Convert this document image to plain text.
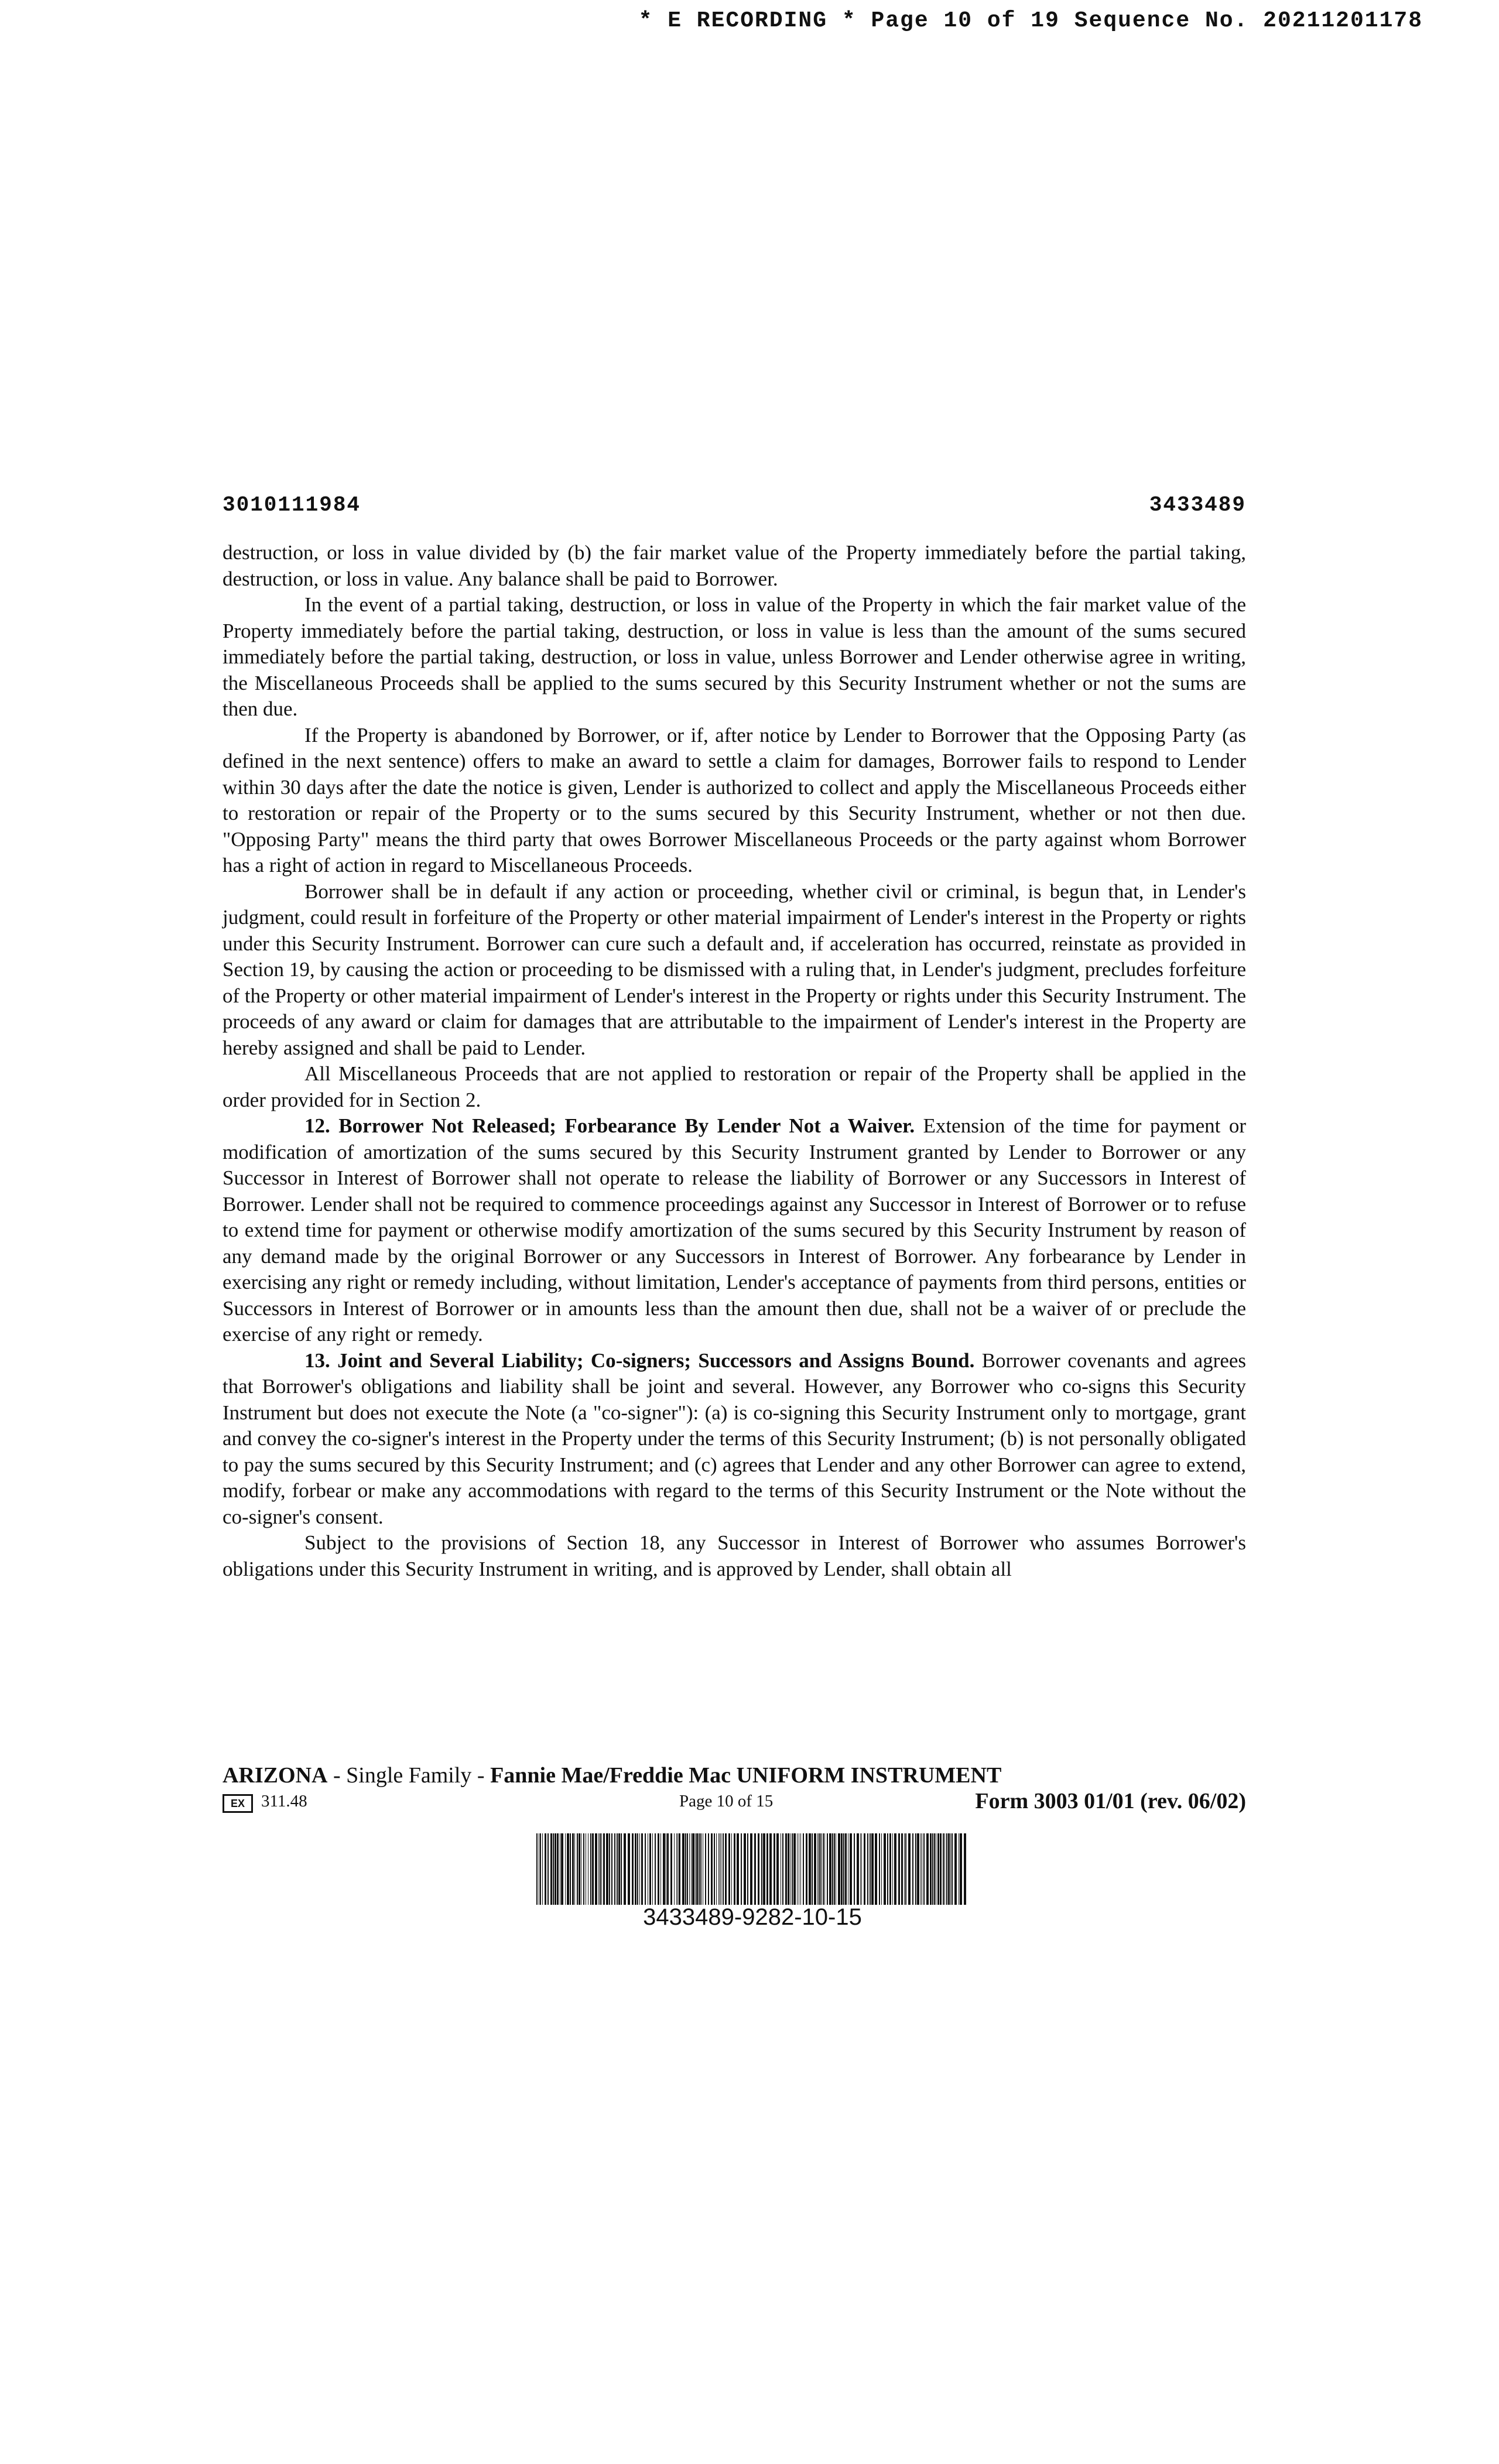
* E RECORDING * Page 10 of 19 Sequence No. 20211201178
3010111984	3433489

destruction, or loss in value divided by (b) the fair market value of the Property immediately before the partial taking, destruction, or loss in value. Any balance shall be paid to Borrower.

In the event of a partial taking, destruction, or loss in value of the Property in which the fair market value of the Property immediately before the partial taking, destruction, or loss in value is less than the amount of the sums secured immediately before the partial taking, destruction, or loss in value, unless Borrower and Lender otherwise agree in writing, the Miscellaneous Proceeds shall be applied to the sums secured by this Security Instrument whether or not the sums are then due.

If the Property is abandoned by Borrower, or if, after notice by Lender to Borrower that the Opposing Party (as defined in the next sentence) offers to make an award to settle a claim for damages, Borrower fails to respond to Lender within 30 days after the date the notice is given, Lender is authorized to collect and apply the Miscellaneous Proceeds either to restoration or repair of the Property or to the sums secured by this Security Instrument, whether or not then due. "Opposing Party" means the third party that owes Borrower Miscellaneous Proceeds or the party against whom Borrower has a right of action in regard to Miscellaneous Proceeds.

Borrower shall be in default if any action or proceeding, whether civil or criminal, is begun that, in Lender's judgment, could result in forfeiture of the Property or other material impairment of Lender's interest in the Property or rights under this Security Instrument. Borrower can cure such a default and, if acceleration has occurred, reinstate as provided in Section 19, by causing the action or proceeding to be dismissed with a ruling that, in Lender's judgment, precludes forfeiture of the Property or other material impairment of Lender's interest in the Property or rights under this Security Instrument. The proceeds of any award or claim for damages that are attributable to the impairment of Lender's interest in the Property are hereby assigned and shall be paid to Lender.

All Miscellaneous Proceeds that are not applied to restoration or repair of the Property shall be applied in the order provided for in Section 2.

12. Borrower Not Released; Forbearance By Lender Not a Waiver. Extension of the time for payment or modification of amortization of the sums secured by this Security Instrument granted by Lender to Borrower or any Successor in Interest of Borrower shall not operate to release the liability of Borrower or any Successors in Interest of Borrower. Lender shall not be required to commence proceedings against any Successor in Interest of Borrower or to refuse to extend time for payment or otherwise modify amortization of the sums secured by this Security Instrument by reason of any demand made by the original Borrower or any Successors in Interest of Borrower. Any forbearance by Lender in exercising any right or remedy including, without limitation, Lender's acceptance of payments from third persons, entities or Successors in Interest of Borrower or in amounts less than the amount then due, shall not be a waiver of or preclude the exercise of any right or remedy.

13. Joint and Several Liability; Co-signers; Successors and Assigns Bound. Borrower covenants and agrees that Borrower's obligations and liability shall be joint and several. However, any Borrower who co-signs this Security Instrument but does not execute the Note (a "co-signer"): (a) is co-signing this Security Instrument only to mortgage, grant and convey the co-signer's interest in the Property under the terms of this Security Instrument; (b) is not personally obligated to pay the sums secured by this Security Instrument; and (c) agrees that Lender and any other Borrower can agree to extend, modify, forbear or make any accommodations with regard to the terms of this Security Instrument or the Note without the co-signer's consent.

Subject to the provisions of Section 18, any Successor in Interest of Borrower who assumes Borrower's obligations under this Security Instrument in writing, and is approved by Lender, shall obtain all

ARIZONA - Single Family - Fannie Mae/Freddie Mac UNIFORM INSTRUMENT
EX 311.48	Page 10 of 15	Form 3003 01/01 (rev. 06/02)
3433489-9282-10-15
